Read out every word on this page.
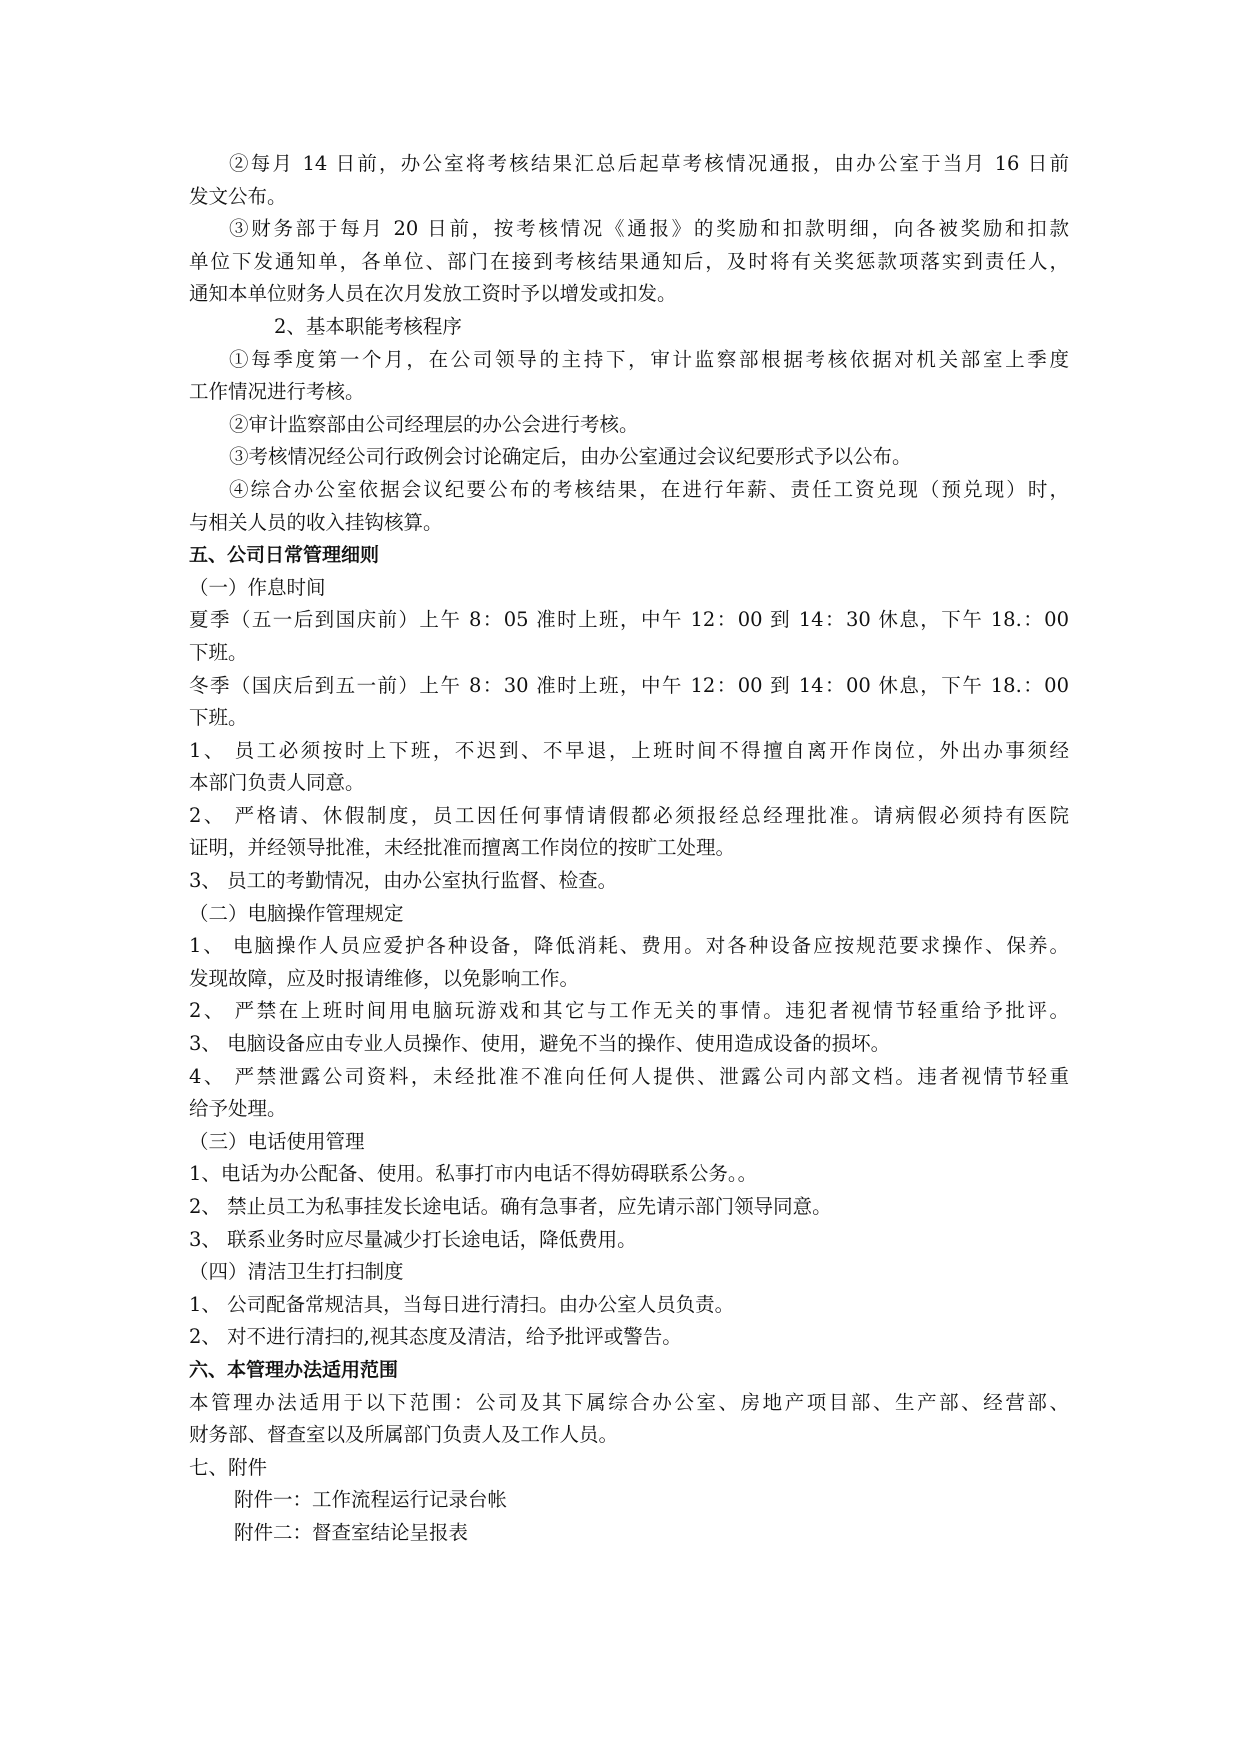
②每月 14 日前，办公室将考核结果汇总后起草考核情况通报，由办公室于当月 16 日前
发文公布。
③财务部于每月 20 日前，按考核情况《通报》的奖励和扣款明细，向各被奖励和扣款
单位下发通知单，各单位、部门在接到考核结果通知后，及时将有关奖惩款项落实到责任人，
通知本单位财务人员在次月发放工资时予以增发或扣发。
2、基本职能考核程序
①每季度第一个月，在公司领导的主持下，审计监察部根据考核依据对机关部室上季度
工作情况进行考核。
②审计监察部由公司经理层的办公会进行考核。
③考核情况经公司行政例会讨论确定后，由办公室通过会议纪要形式予以公布。
④综合办公室依据会议纪要公布的考核结果，在进行年薪、责任工资兑现（预兑现）时，
与相关人员的收入挂钩核算。
五、公司日常管理细则
（一）作息时间
夏季（五一后到国庆前）上午 8：05 准时上班，中午 12：00 到 14：30 休息，下午 18.：00
下班。
冬季（国庆后到五一前）上午 8：30 准时上班，中午 12：00 到 14：00 休息，下午 18.：00
下班。
1、 员工必须按时上下班，不迟到、不早退，上班时间不得擅自离开作岗位，外出办事须经
本部门负责人同意。
2、 严格请、休假制度，员工因任何事情请假都必须报经总经理批准。请病假必须持有医院
证明，并经领导批准，未经批准而擅离工作岗位的按旷工处理。
3、 员工的考勤情况，由办公室执行监督、检查。
（二）电脑操作管理规定
1、 电脑操作人员应爱护各种设备，降低消耗、费用。对各种设备应按规范要求操作、保养。
发现故障，应及时报请维修，以免影响工作。
2、 严禁在上班时间用电脑玩游戏和其它与工作无关的事情。违犯者视情节轻重给予批评。
3、 电脑设备应由专业人员操作、使用，避免不当的操作、使用造成设备的损坏。
4、 严禁泄露公司资料，未经批准不准向任何人提供、泄露公司内部文档。违者视情节轻重
给予处理。
（三）电话使用管理
1、电话为办公配备、使用。私事打市内电话不得妨碍联系公务。。
2、 禁止员工为私事挂发长途电话。确有急事者，应先请示部门领导同意。
3、 联系业务时应尽量减少打长途电话，降低费用。
（四）清洁卫生打扫制度
1、 公司配备常规洁具，当每日进行清扫。由办公室人员负责。
2、 对不进行清扫的,视其态度及清洁，给予批评或警告。
六、本管理办法适用范围
本管理办法适用于以下范围：公司及其下属综合办公室、房地产项目部、生产部、经营部、
财务部、督查室以及所属部门负责人及工作人员。
七、附件
附件一：工作流程运行记录台帐
附件二：督查室结论呈报表
